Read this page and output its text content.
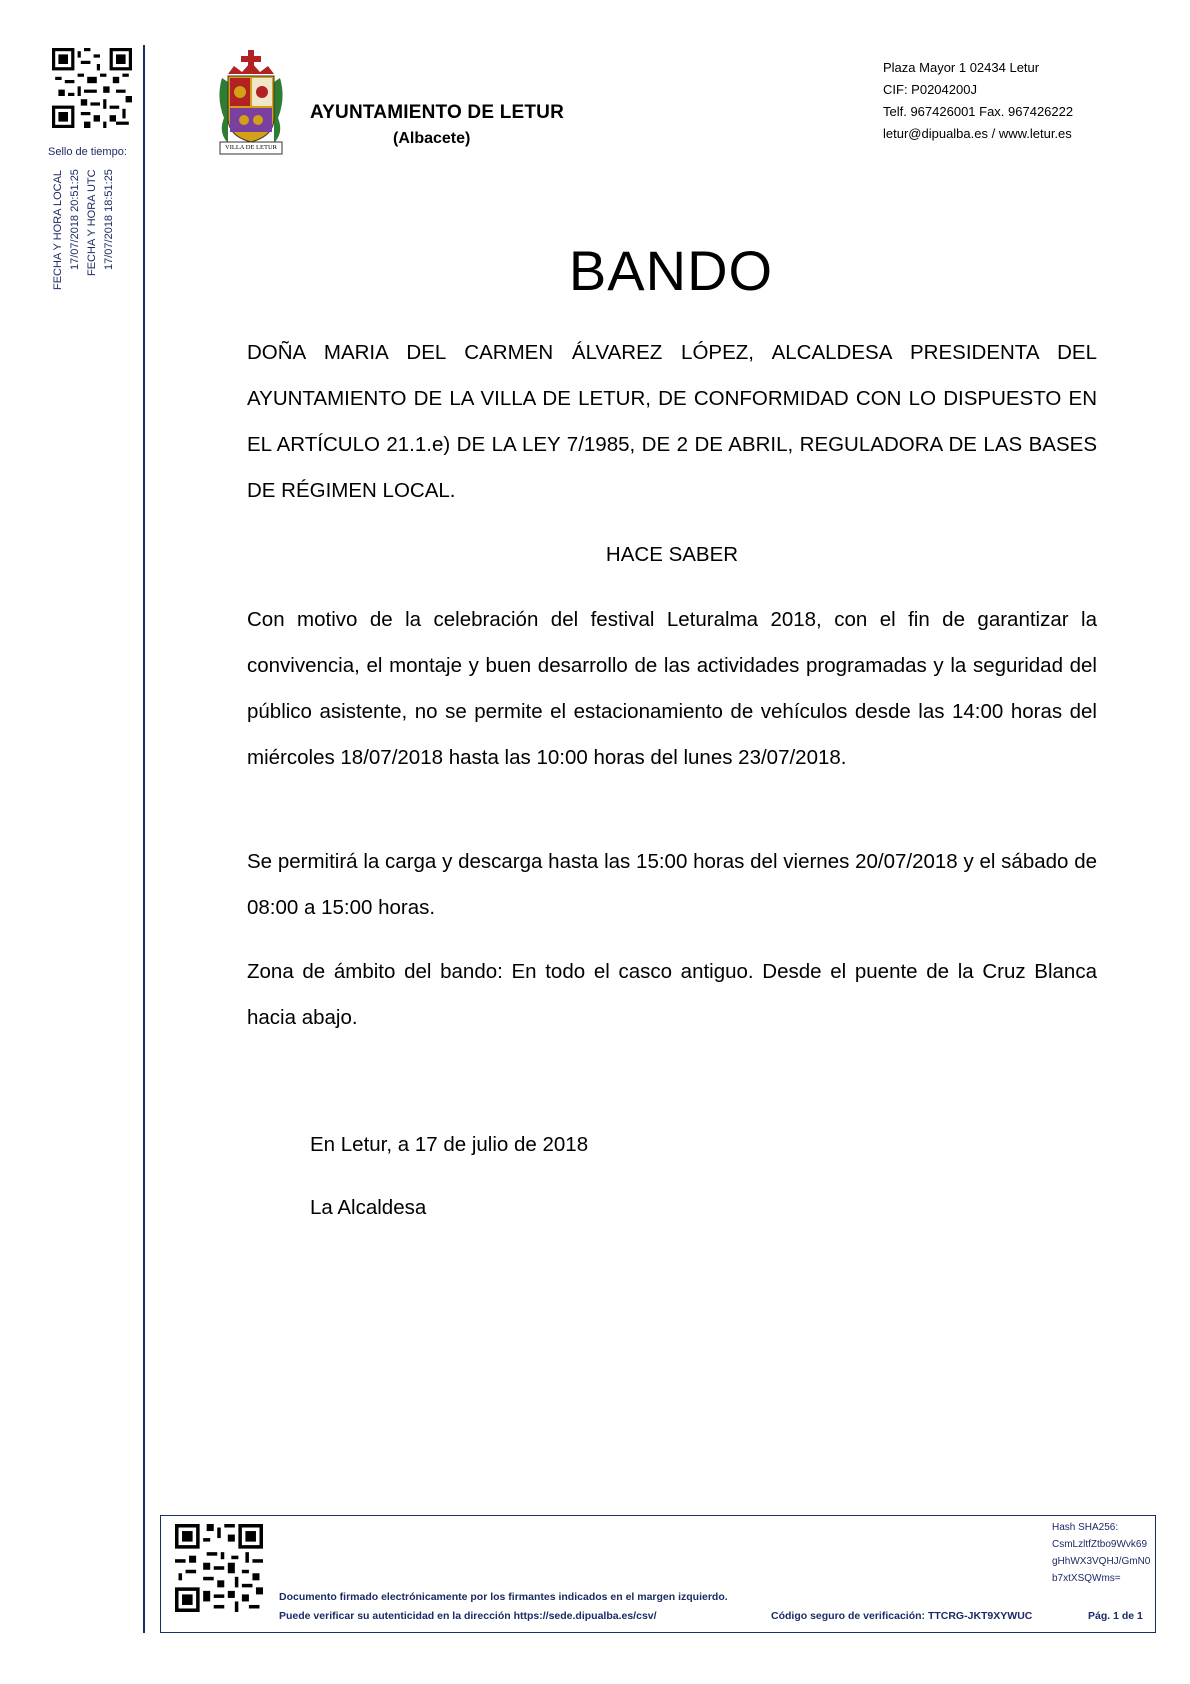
Sello de tiempo:
FECHA Y HORA LOCAL 17/07/2018 20:51:25 FECHA Y HORA UTC 17/07/2018 18:51:25
VILLA DE LETUR
AYUNTAMIENTO DE LETUR
(Albacete)
Plaza Mayor 1 02434 Letur
CIF: P0204200J
Telf. 967426001 Fax. 967426222
letur@dipualba.es / www.letur.es
BANDO
DOÑA MARIA DEL CARMEN ÁLVAREZ LÓPEZ, ALCALDESA PRESIDENTA DEL AYUNTAMIENTO DE LA VILLA DE LETUR, DE CONFORMIDAD CON LO DISPUESTO EN EL ARTÍCULO 21.1.e) DE LA LEY 7/1985, DE 2 DE ABRIL, REGULADORA DE LAS BASES DE RÉGIMEN LOCAL.
HACE SABER
Con motivo de la celebración del festival Leturalma 2018, con el fin de garantizar la convivencia, el montaje y buen desarrollo de las actividades programadas y la seguridad del público asistente, no se permite el estacionamiento de vehículos desde las 14:00 horas del miércoles 18/07/2018 hasta las 10:00 horas del lunes 23/07/2018.
Se permitirá la carga y descarga hasta las 15:00 horas del viernes 20/07/2018 y el sábado de 08:00 a 15:00 horas.
Zona de ámbito del bando: En todo el casco antiguo. Desde el puente de la Cruz Blanca hacia abajo.
En Letur, a 17 de julio de 2018
La Alcaldesa
Documento firmado electrónicamente por los firmantes indicados en el margen izquierdo.
Puede verificar su autenticidad en la dirección https://sede.dipualba.es/csv/	Código seguro de verificación: TTCRG-JKT9XYWUC	Pág. 1 de 1
Hash SHA256:
CsmLzltfZtbo9Wvk69
gHhWX3VQHJ/GmN0
b7xtXSQWms=
